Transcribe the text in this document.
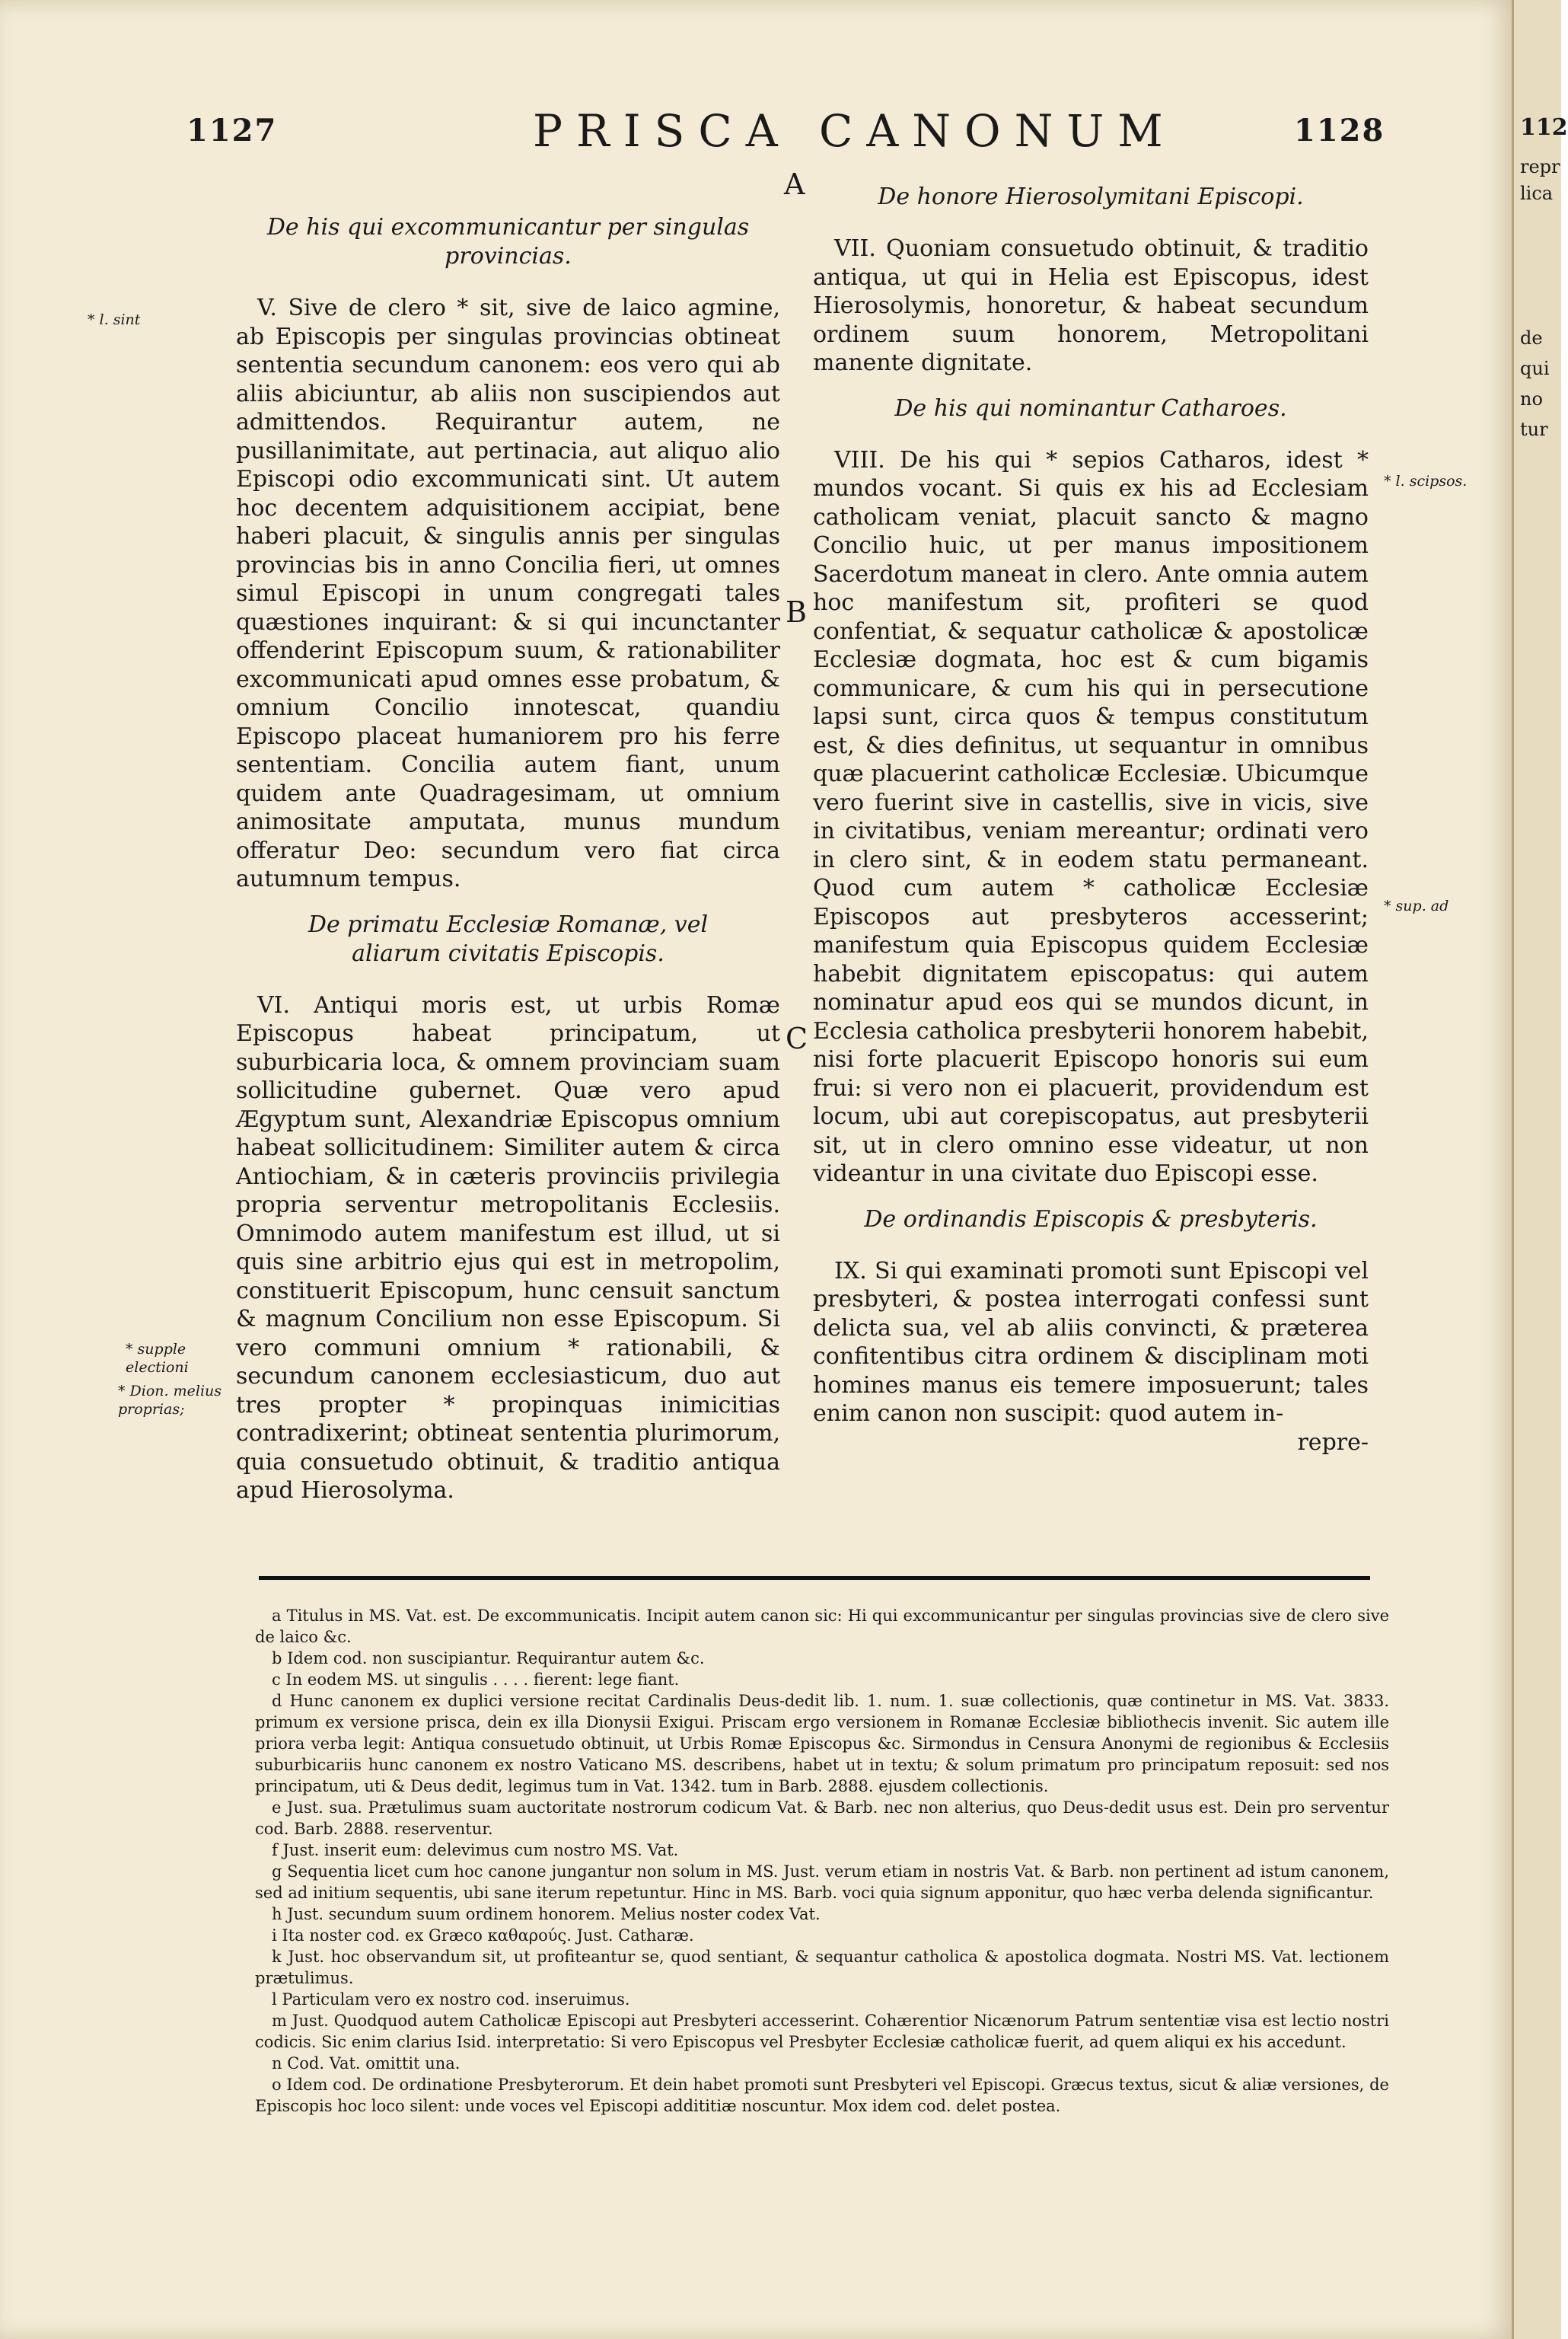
1127	PRISCA CANONUM	1128
A
B
C
* l. sint
* supple electioni
* Dion. melius proprias;
* l. scipsos.
* sup. ad
De his qui excommunicantur per singulas provincias.

V. Sive de clero * sit, sive de laico agmine, ab Episcopis per singulas provincias obtineat sententia secundum canonem: eos vero qui ab aliis abiciuntur, ab aliis non suscipiendos aut admittendos. Requirantur autem, ne pusillanimitate, aut pertinacia, aut aliquo alio Episcopi odio excommunicati sint. Ut autem hoc decentem adquisitionem accipiat, bene haberi placuit, & singulis annis per singulas provincias bis in anno Concilia fieri, ut omnes simul Episcopi in unum congregati tales quæstiones inquirant: & si qui incunctanter offenderint Episcopum suum, & rationabiliter excommunicati apud omnes esse probatum, & omnium Concilio innotescat, quandiu Episcopo placeat humaniorem pro his ferre sententiam. Concilia autem fiant, unum quidem ante Quadragesimam, ut omnium animositate amputata, munus mundum offeratur Deo: secundum vero fiat circa autumnum tempus.

De primatu Ecclesiæ Romanæ, vel aliarum civitatis Episcopis.

VI. Antiqui moris est, ut urbis Romæ Episcopus habeat principatum, ut suburbicaria loca, & omnem provinciam suam sollicitudine gubernet. Quæ vero apud Ægyptum sunt, Alexandriæ Episcopus omnium habeat sollicitudinem: Similiter autem & circa Antiochiam, & in cæteris provinciis privilegia propria serventur metropolitanis Ecclesiis. Omnimodo autem manifestum est illud, ut si quis sine arbitrio ejus qui est in metropolim, constituerit Episcopum, hunc censuit sanctum & magnum Concilium non esse Episcopum. Si vero communi omnium * rationabili, & secundum canonem ecclesiasticum, duo aut tres propter * propinquas inimicitias contradixerint; obtineat sententia plurimorum, quia consuetudo obtinuit, & traditio antiqua apud Hierosolyma.

De honore Hierosolymitani Episcopi.

VII. Quoniam consuetudo obtinuit, & traditio antiqua, ut qui in Helia est Episcopus, idest Hierosolymis, honoretur, & habeat secundum ordinem suum honorem, Metropolitani manente dignitate.

De his qui nominantur Catharoes.

VIII. De his qui * sepios Catharos, idest * mundos vocant. Si quis ex his ad Ecclesiam catholicam veniat, placuit sancto & magno Concilio huic, ut per manus impositionem Sacerdotum maneat in clero. Ante omnia autem hoc manifestum sit, profiteri se quod confentiat, & sequatur catholicæ & apostolicæ Ecclesiæ dogmata, hoc est & cum bigamis communicare, & cum his qui in persecutione lapsi sunt, circa quos & tempus constitutum est, & dies definitus, ut sequantur in omnibus quæ placuerint catholicæ Ecclesiæ. Ubicumque vero fuerint sive in castellis, sive in vicis, sive in civitatibus, veniam mereantur; ordinati vero in clero sint, & in eodem statu permaneant. Quod cum autem * catholicæ Ecclesiæ Episcopos aut presbyteros accesserint; manifestum quia Episcopus quidem Ecclesiæ habebit dignitatem episcopatus: qui autem nominatur apud eos qui se mundos dicunt, in Ecclesia catholica presbyterii honorem habebit, nisi forte placuerit Episcopo honoris sui eum frui: si vero non ei placuerit, providendum est locum, ubi aut corepiscopatus, aut presbyterii sit, ut in clero omnino esse videatur, ut non videantur in una civitate duo Episcopi esse.

De ordinandis Episcopis & presbyteris.

IX. Si qui examinati promoti sunt Episcopi vel presbyteri, & postea interrogati confessi sunt delicta sua, vel ab aliis convincti, & præterea confitentibus citra ordinem & disciplinam moti homines manus eis temere imposuerunt; tales enim canon non suscipit: quod autem in-

repre-
a Titulus in MS. Vat. est. De excommunicatis. Incipit autem canon sic: Hi qui excommunicantur per singulas provincias sive de clero sive de laico &c.
b Idem cod. non suscipiantur. Requirantur autem &c.
c In eodem MS. ut singulis . . . . fierent: lege fiant.
d Hunc canonem ex duplici versione recitat Cardinalis Deus-dedit lib. 1. num. 1. suæ collectionis, quæ continetur in MS. Vat. 3833. primum ex versione prisca, dein ex illa Dionysii Exigui. Priscam ergo versionem in Romanæ Ecclesiæ bibliothecis invenit. Sic autem ille priora verba legit: Antiqua consuetudo obtinuit, ut Urbis Romæ Episcopus &c. Sirmondus in Censura Anonymi de regionibus & Ecclesiis suburbicariis hunc canonem ex nostro Vaticano MS. describens, habet ut in textu; & solum primatum pro principatum reposuit: sed nos principatum, uti & Deus dedit, legimus tum in Vat. 1342. tum in Barb. 2888. ejusdem collectionis.
e Just. sua. Prætulimus suam auctoritate nostrorum codicum Vat. & Barb. nec non alterius, quo Deus-dedit usus est. Dein pro serventur cod. Barb. 2888. reserventur.
f Just. inserit eum: delevimus cum nostro MS. Vat.
g Sequentia licet cum hoc canone jungantur non solum in MS. Just. verum etiam in nostris Vat. & Barb. non pertinent ad istum canonem, sed ad initium sequentis, ubi sane iterum repetuntur. Hinc in MS. Barb. voci quia signum apponitur, quo hæc verba delenda significantur.
h Just. secundum suum ordinem honorem. Melius noster codex Vat.
i Ita noster cod. ex Græco καθαρούς. Just. Catharæ.
k Just. hoc observandum sit, ut profiteantur se, quod sentiant, & sequantur catholica & apostolica dogmata. Nostri MS. Vat. lectionem prætulimus.
l Particulam vero ex nostro cod. inseruimus.
m Just. Quodquod autem Catholicæ Episcopi aut Presbyteri accesserint. Cohærentior Nicænorum Patrum sententiæ visa est lectio nostri codicis. Sic enim clarius Isid. interpretatio: Si vero Episcopus vel Presbyter Ecclesiæ catholicæ fuerit, ad quem aliqui ex his accedunt.
n Cod. Vat. omittit una.
o Idem cod. De ordinatione Presbyterorum. Et dein habet promoti sunt Presbyteri vel Episcopi. Græcus textus, sicut & aliæ versiones, de Episcopis hoc loco silent: unde voces vel Episcopi addititiæ noscuntur. Mox idem cod. delet postea.
112
repr
lica
de
qui
no
tur
